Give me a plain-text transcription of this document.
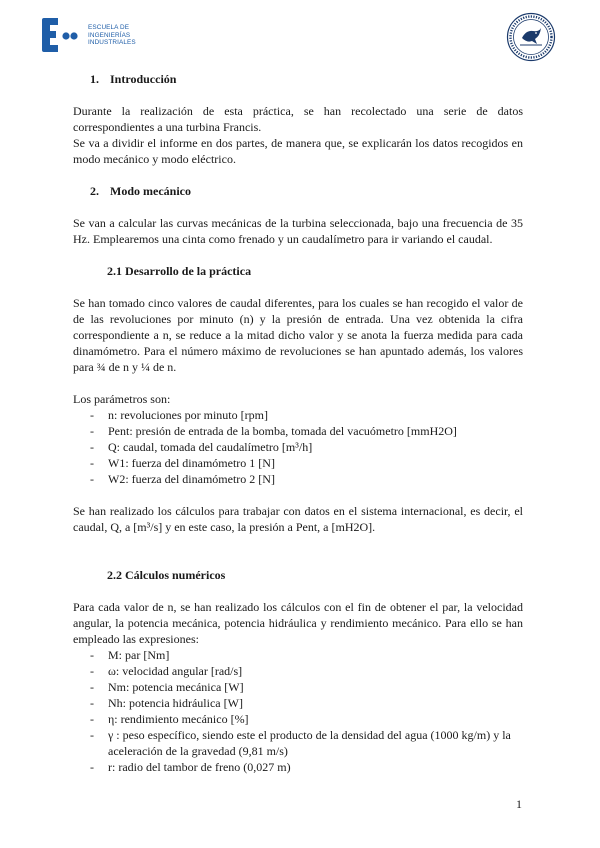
ESCUELA DE
INGENIERÍAS
INDUSTRIALES
1. Introducción

Durante la realización de esta práctica, se han recolectado una serie de datos correspondientes a una turbina Francis.

Se va a dividir el informe en dos partes, de manera que, se explicarán los datos recogidos en modo mecánico y modo eléctrico.

2. Modo mecánico

Se van a calcular las curvas mecánicas de la turbina seleccionada, bajo una frecuencia de 35 Hz. Emplearemos una cinta como frenado y un caudalímetro para ir variando el caudal.

2.1 Desarrollo de la práctica

Se han tomado cinco valores de caudal diferentes, para los cuales se han recogido el valor de de las revoluciones por minuto (n) y la presión de entrada. Una vez obtenida la cifra correspondiente a n, se reduce a la mitad dicho valor y se anota la fuerza medida para cada dinamómetro. Para el número máximo de revoluciones se han apuntado además, los valores para ¾ de n y ¼ de n.

Los parámetros son:

- n: revoluciones por minuto [rpm]
- Pent: presión de entrada de la bomba, tomada del vacuómetro [mmH2O]
- Q: caudal, tomada del caudalímetro [m³/h]
- W1: fuerza del dinamómetro 1 [N]
- W2: fuerza del dinamómetro 2 [N]

Se han realizado los cálculos para trabajar con datos en el sistema internacional, es decir, el caudal, Q, a [m³/s] y en este caso, la presión a Pent, a [mH2O].

2.2 Cálculos numéricos

Para cada valor de n, se han realizado los cálculos con el fin de obtener el par, la velocidad angular, la potencia mecánica, potencia hidráulica y rendimiento mecánico. Para ello se han empleado las expresiones:

- M: par [Nm]
- ω: velocidad angular [rad/s]
- Nm: potencia mecánica [W]
- Nh: potencia hidráulica [W]
- η: rendimiento mecánico [%]
- γ : peso específico, siendo este el producto de la densidad del agua (1000 kg/m) y la aceleración de la gravedad (9,81 m/s)
- r: radio del tambor de freno (0,027 m)
1
